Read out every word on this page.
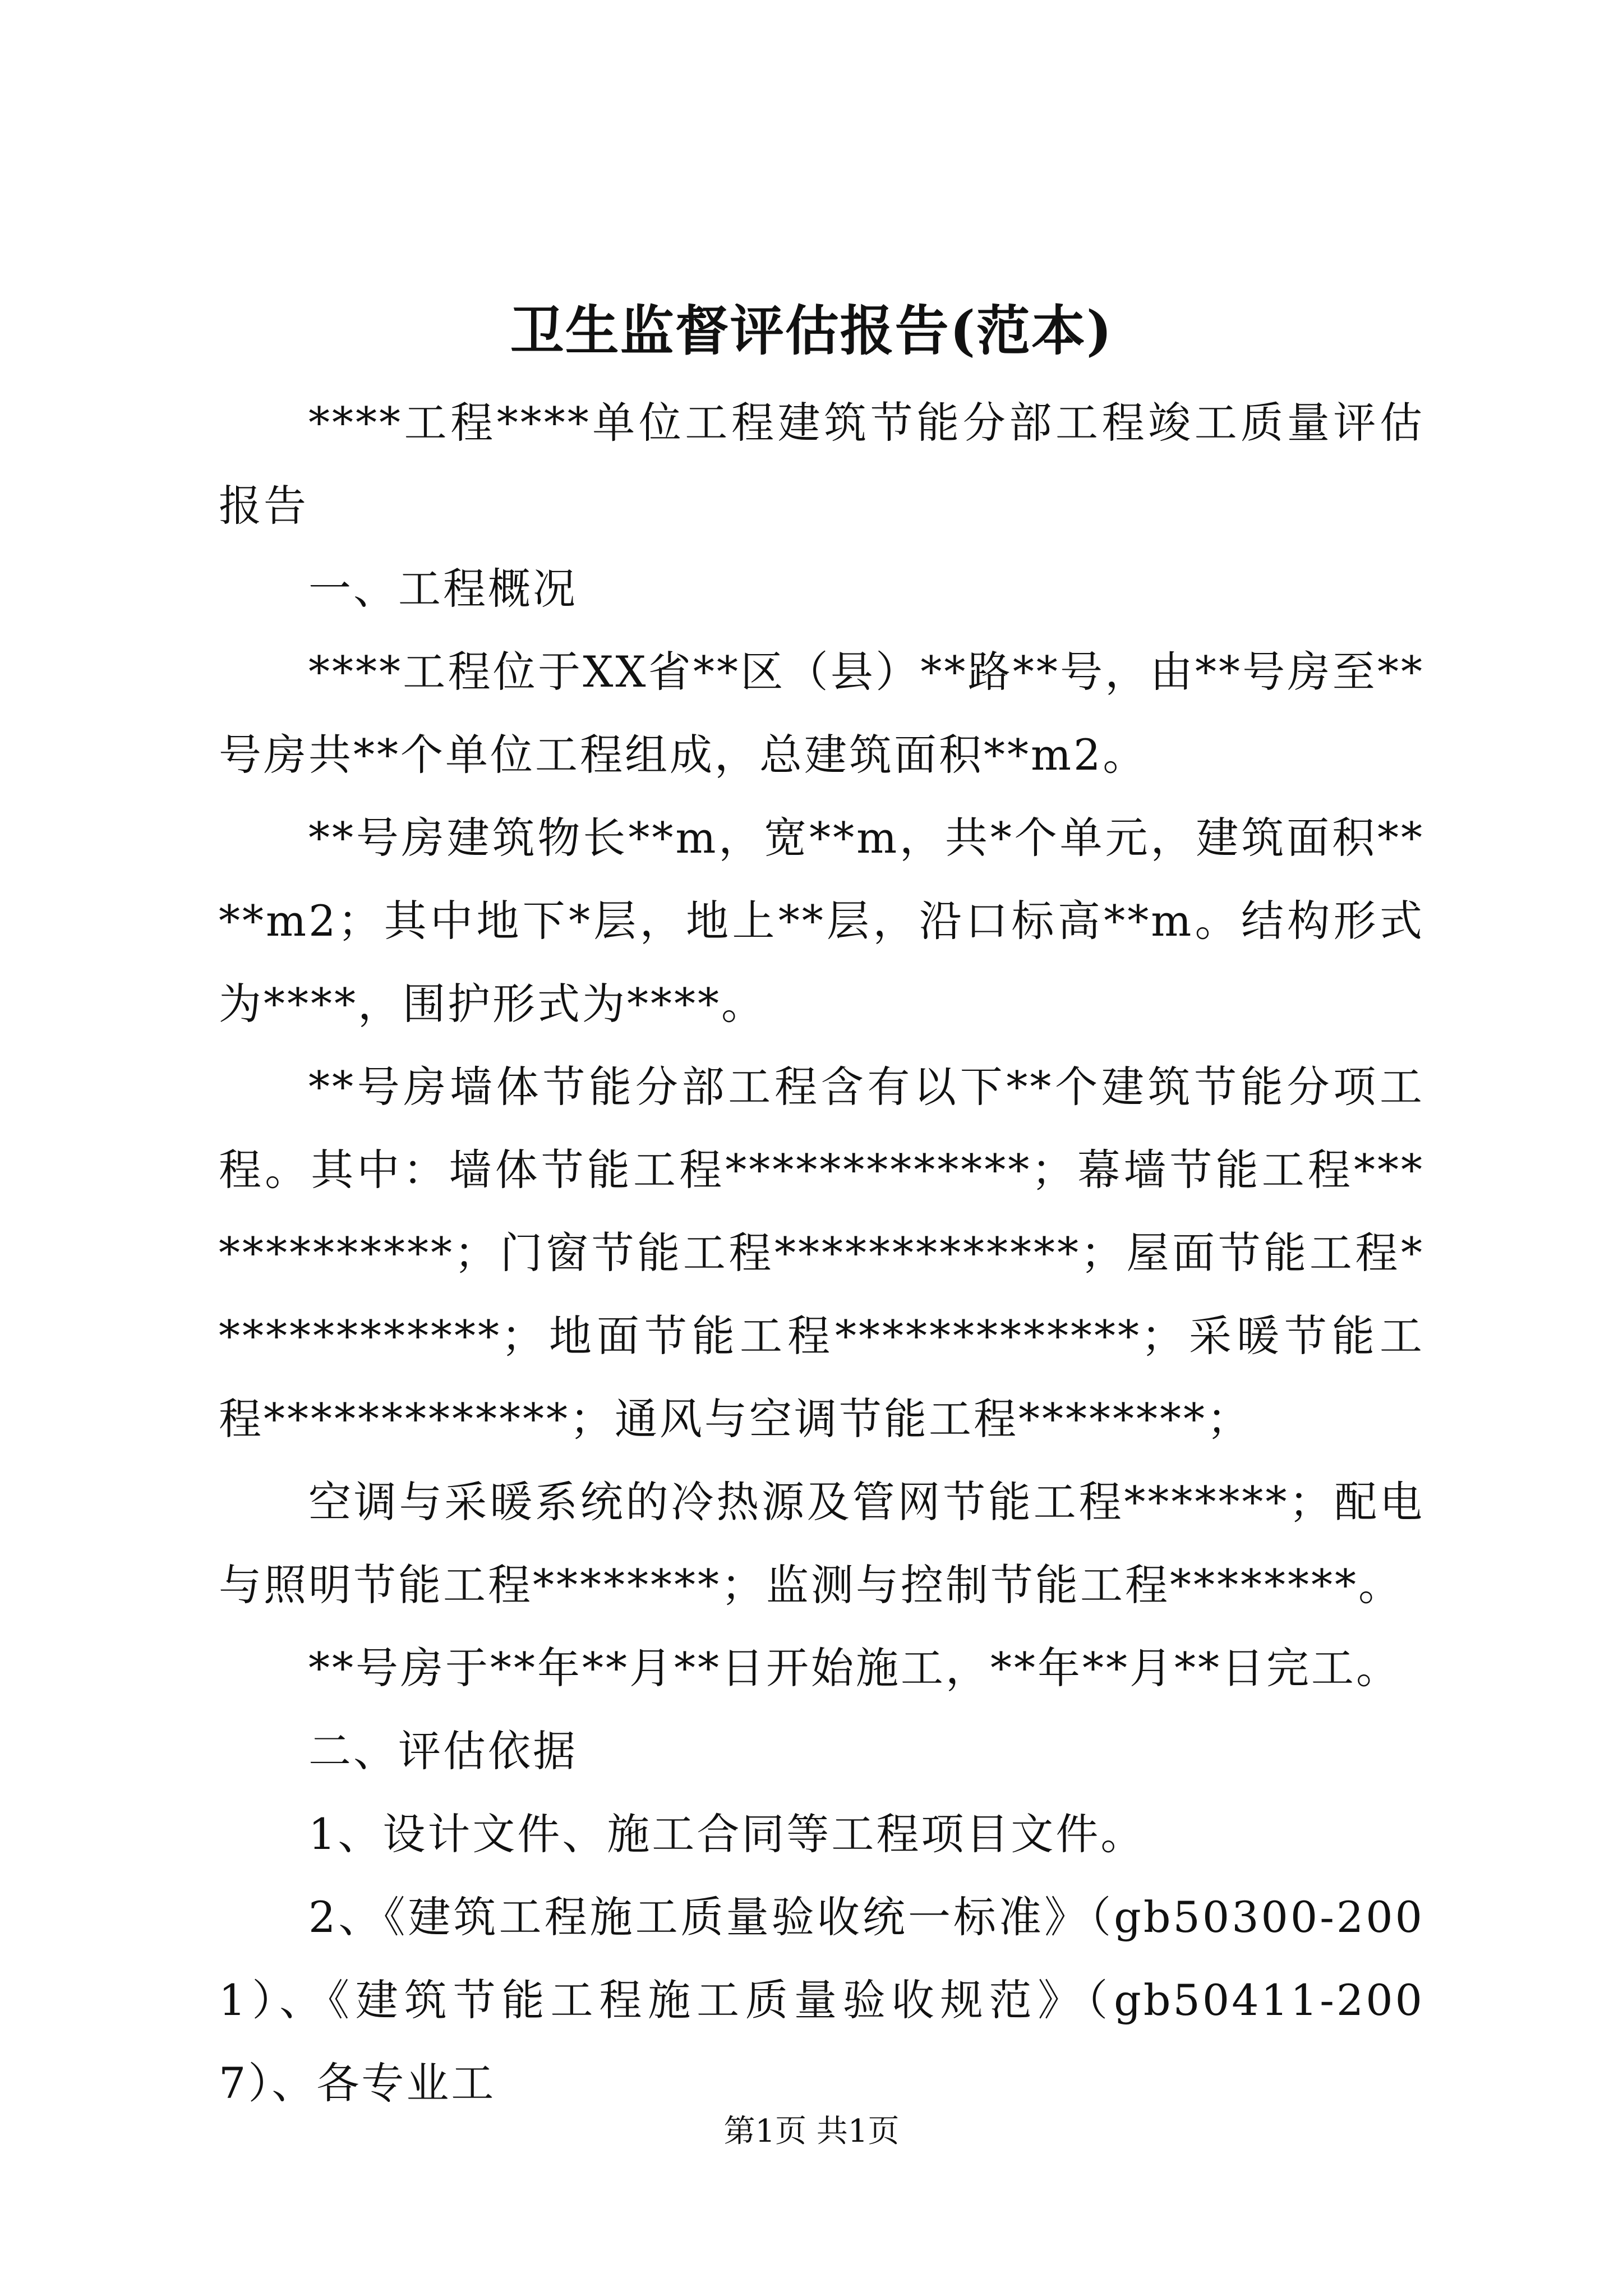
卫生监督评估报告(范本)

****工程****单位工程建筑节能分部工程竣工质量评估报告

一、工程概况

****工程位于XX省**区（县）**路**号，由**号房至**号房共**个单位工程组成，总建筑面积**m2。

**号房建筑物长**m，宽**m，共*个单元，建筑面积****m2；其中地下*层，地上**层，沿口标高**m。结构形式为****，围护形式为****。

**号房墙体节能分部工程含有以下**个建筑节能分项工程。其中：墙体节能工程*************；幕墙节能工程*************；门窗节能工程*************；屋面节能工程*************；地面节能工程*************；采暖节能工程*************；通风与空调节能工程********；

空调与采暖系统的冷热源及管网节能工程*******；配电与照明节能工程********；监测与控制节能工程********。

**号房于**年**月**日开始施工，**年**月**日完工。

二、评估依据

1、设计文件、施工合同等工程项目文件。

2、《建筑工程施工质量验收统一标准》（gb50300-2001）、《建筑节能工程施工质量验收规范》（gb50411-2007）、各专业工

第1页 共1页
